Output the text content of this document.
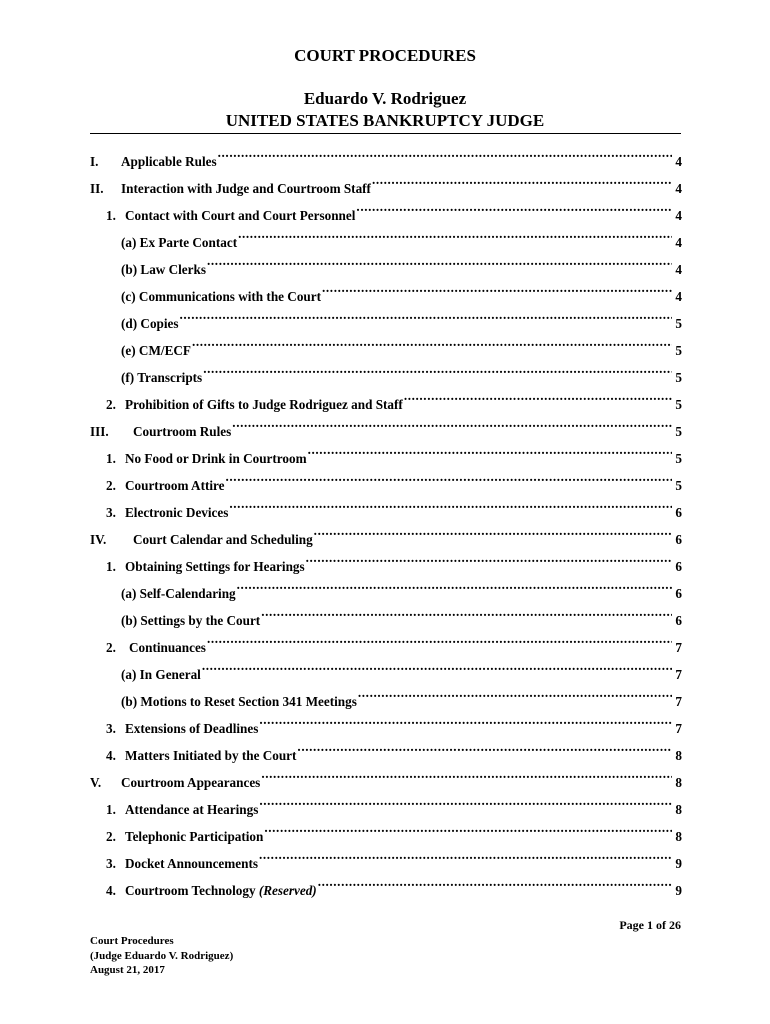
COURT PROCEDURES
Eduardo V. Rodriguez
UNITED STATES BANKRUPTCY JUDGE
I.	Applicable Rules .....	4
II.	Interaction with Judge and Courtroom Staff .....	4
1. Contact with Court and Court Personnel .....	4
(a) Ex Parte Contact .....	4
(b) Law Clerks .....	4
(c) Communications with the Court .....	4
(d) Copies .....	5
(e) CM/ECF .....	5
(f) Transcripts .....	5
2. Prohibition of Gifts to Judge Rodriguez and Staff .....	5
III.	Courtroom Rules .....	5
1. No Food or Drink in Courtroom .....	5
2. Courtroom Attire .....	5
3. Electronic Devices .....	6
IV.	Court Calendar and Scheduling .....	6
1. Obtaining Settings for Hearings .....	6
(a) Self-Calendaring .....	6
(b) Settings by the Court .....	6
2. Continuances .....	7
(a) In General .....	7
(b) Motions to Reset Section 341 Meetings .....	7
3. Extensions of Deadlines .....	7
4. Matters Initiated by the Court .....	8
V.	Courtroom Appearances .....	8
1. Attendance at Hearings .....	8
2. Telephonic Participation .....	8
3. Docket Announcements .....	9
4. Courtroom Technology (Reserved) .....	9
Page 1 of 26
Court Procedures
(Judge Eduardo V. Rodriguez)
August 21, 2017
